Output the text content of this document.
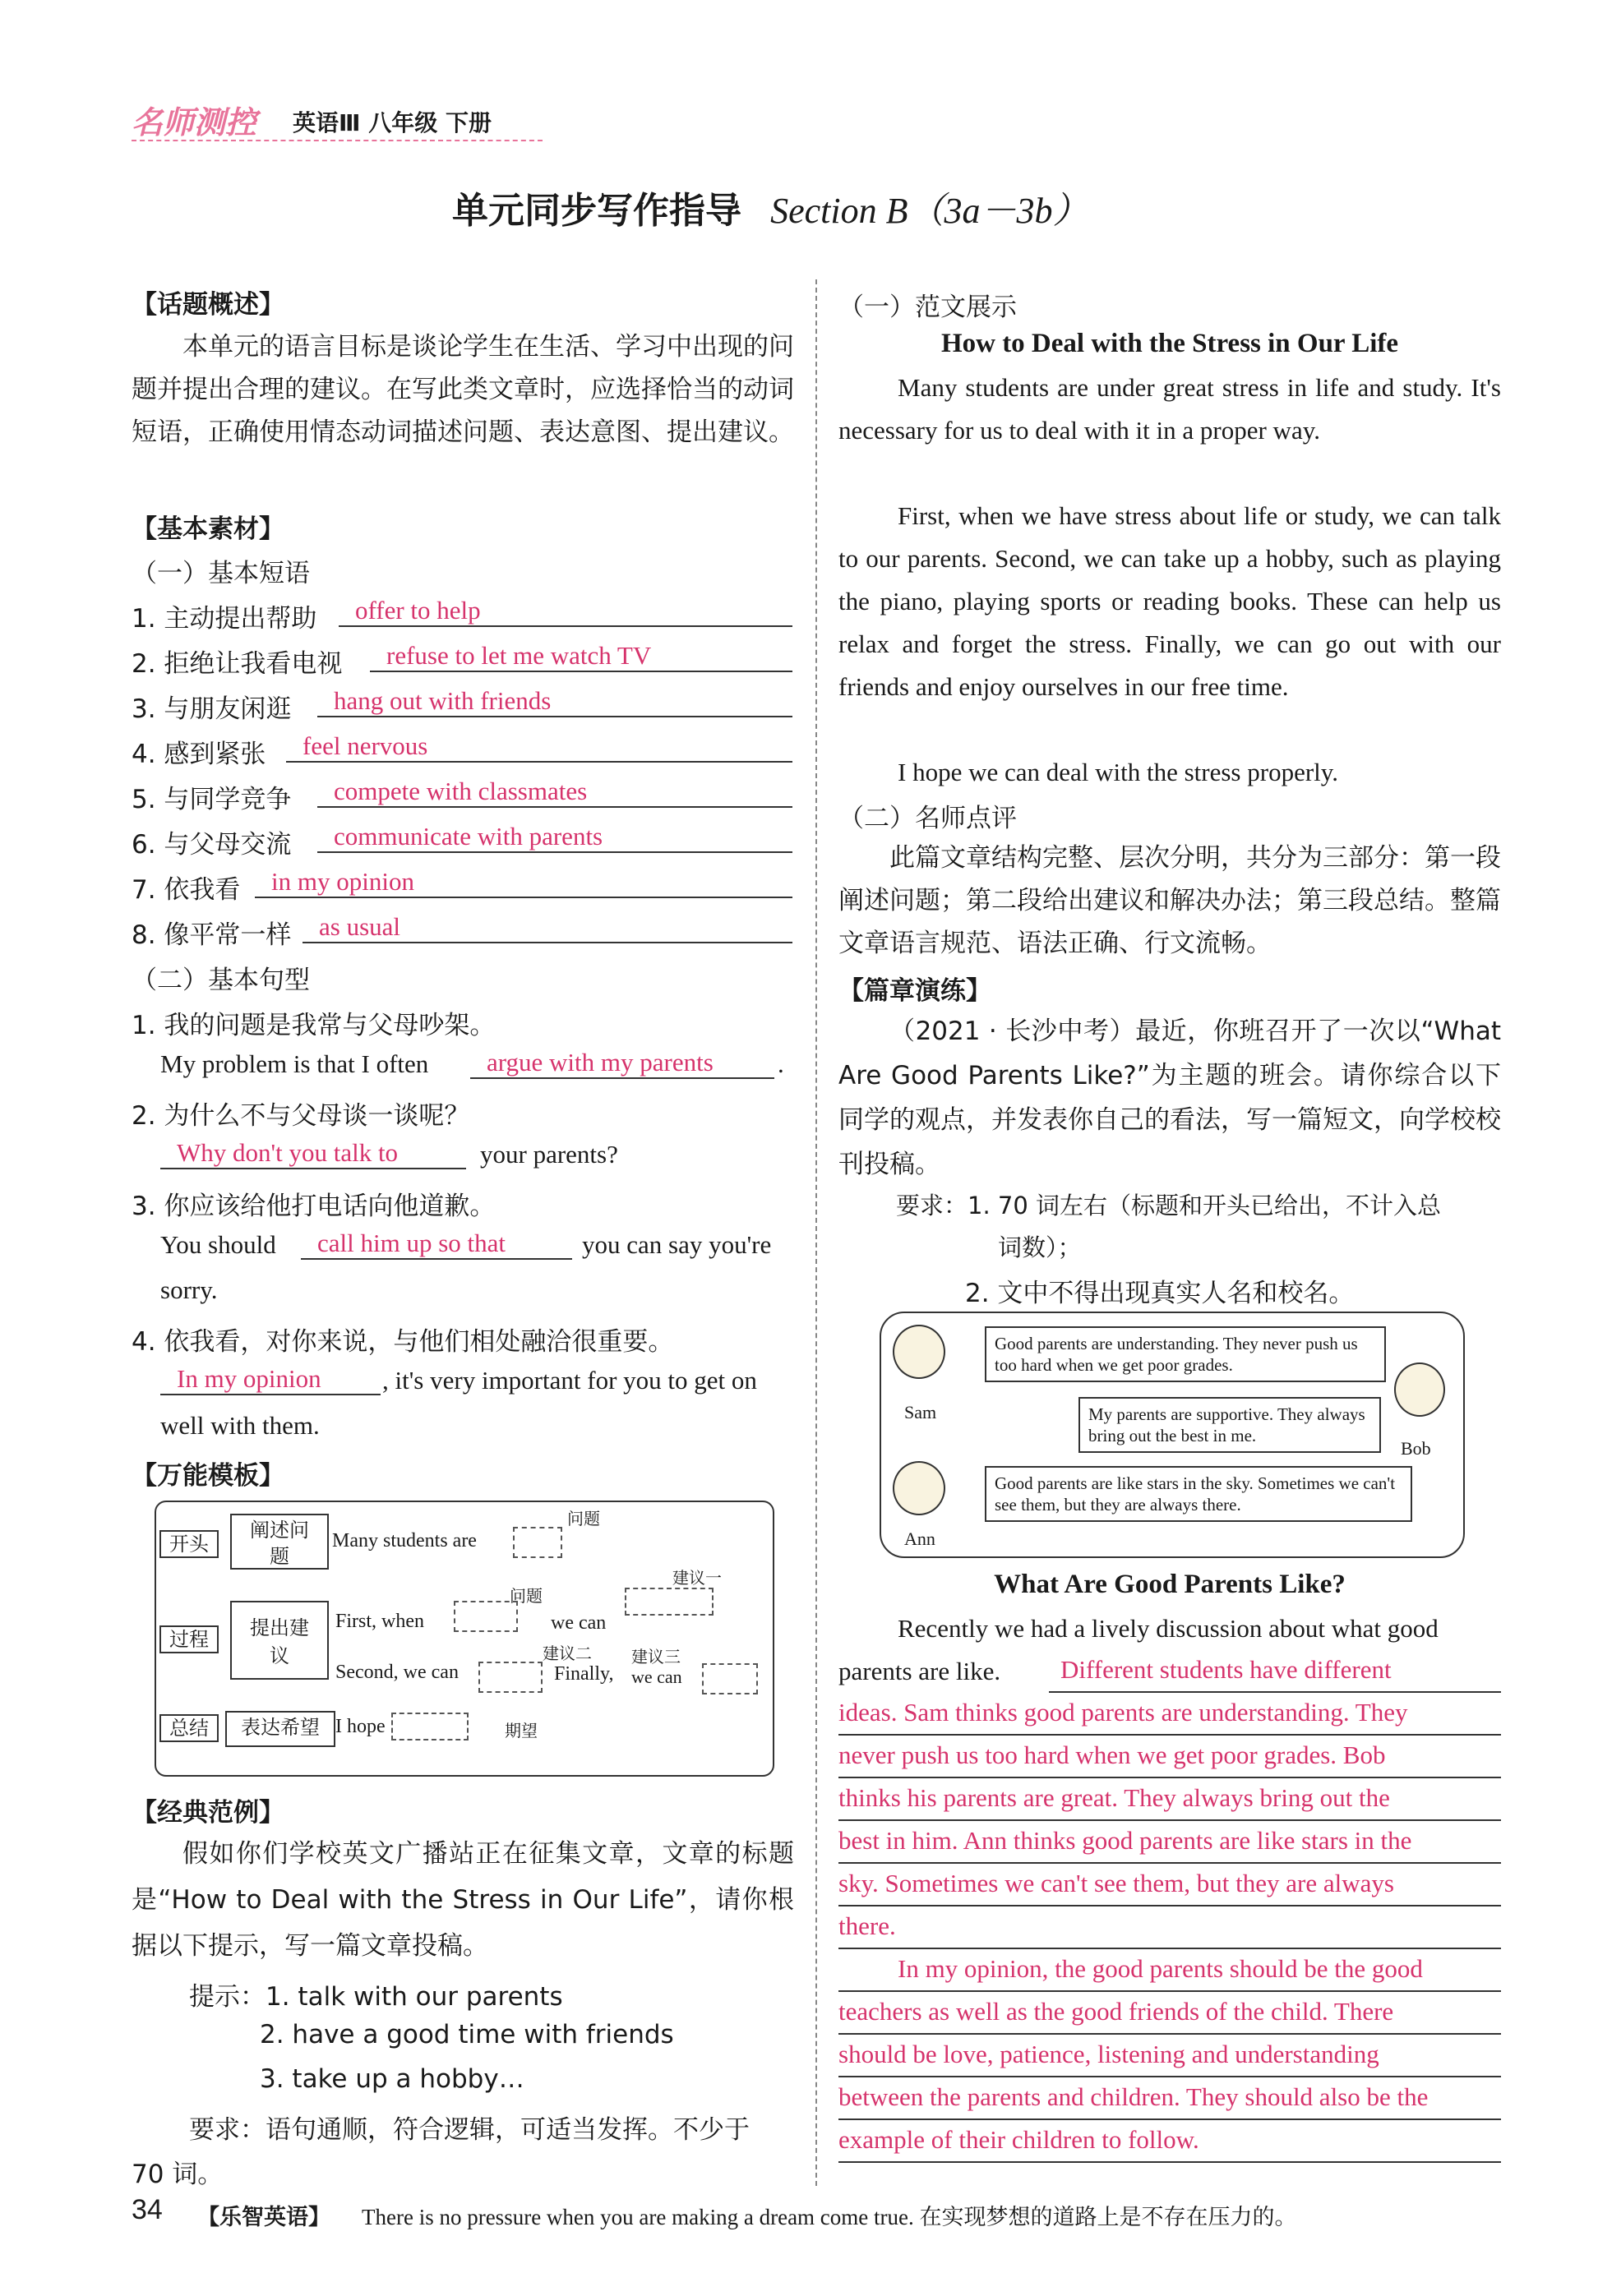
名师测控 英语Ⅲ 八年级 下册
单元同步写作指导 Section B（3a－3b）
【话题概述】
本单元的语言目标是谈论学生在生活、学习中出现的问题并提出合理的建议。在写此类文章时，应选择恰当的动词短语，正确使用情态动词描述问题、表达意图、提出建议。
【基本素材】
（一）基本短语
1. 主动提出帮助	offer to help
2. 拒绝让我看电视	refuse to let me watch TV
3. 与朋友闲逛	hang out with friends
4. 感到紧张	feel nervous
5. 与同学竞争	compete with classmates
6. 与父母交流	communicate with parents
7. 依我看	in my opinion
8. 像平常一样	as usual
（二）基本句型
1. 我的问题是我常与父母吵架。
My problem is that I often	argue with my parents	.
2. 为什么不与父母谈一谈呢？
Why don't you talk to	your parents?
3. 你应该给他打电话向他道歉。
You should	call him up so that	you can say you're
sorry.
4. 依我看，对你来说，与他们相处融洽很重要。
In my opinion	, it's very important for you to get on
well with them.
【万能模板】
开头
阐述问题
Many students are
问题
过程	提出建议
First, when
问题
we can
建议一
Second, we can
建议二
Finally,
建议三
we can
总结	表达希望 I hope	期望
【经典范例】
假如你们学校英文广播站正在征集文章，文章的标题是“How to Deal with the Stress in Our Life”，请你根据以下提示，写一篇文章投稿。
提示：1. talk with our parents
2. have a good time with friends
3. take up a hobby…
要求：语句通顺，符合逻辑，可适当发挥。不少于
70 词。
（一）范文展示
How to Deal with the Stress in Our Life
Many students are under great stress in life and study. It's necessary for us to deal with it in a proper way.
First, when we have stress about life or study, we can talk to our parents. Second, we can take up a hobby, such as playing the piano, playing sports or reading books. These can help us relax and forget the stress. Finally, we can go out with our friends and enjoy ourselves in our free time.
I hope we can deal with the stress properly.
（二）名师点评
此篇文章结构完整、层次分明，共分为三部分：第一段阐述问题；第二段给出建议和解决办法；第三段总结。整篇文章语言规范、语法正确、行文流畅。
【篇章演练】
（2021 · 长沙中考）最近，你班召开了一次以“What Are Good Parents Like?”为主题的班会。请你综合以下同学的观点，并发表你自己的看法，写一篇短文，向学校校刊投稿。
要求：1. 70 词左右（标题和开头已给出，不计入总
词数）；
2. 文中不得出现真实人名和校名。
Sam
Good parents are understanding. They never push us too hard when we get poor grades.
Bob
My parents are supportive. They always bring out the best in me.
Ann
Good parents are like stars in the sky. Sometimes we can't see them, but they are always there.
What Are Good Parents Like?
Recently we had a lively discussion about what good
parents are like.	Different students have different
ideas. Sam thinks good parents are understanding. They
never push us too hard when we get poor grades. Bob
thinks his parents are great. They always bring out the
best in him. Ann thinks good parents are like stars in the
sky. Sometimes we can't see them, but they are always
there.
In my opinion, the good parents should be the good
teachers as well as the good friends of the child. There
should be love, patience, listening and understanding
between the parents and children. They should also be the
example of their children to follow.
34 【乐智英语】 There is no pressure when you are making a dream come true. 在实现梦想的道路上是不存在压力的。
